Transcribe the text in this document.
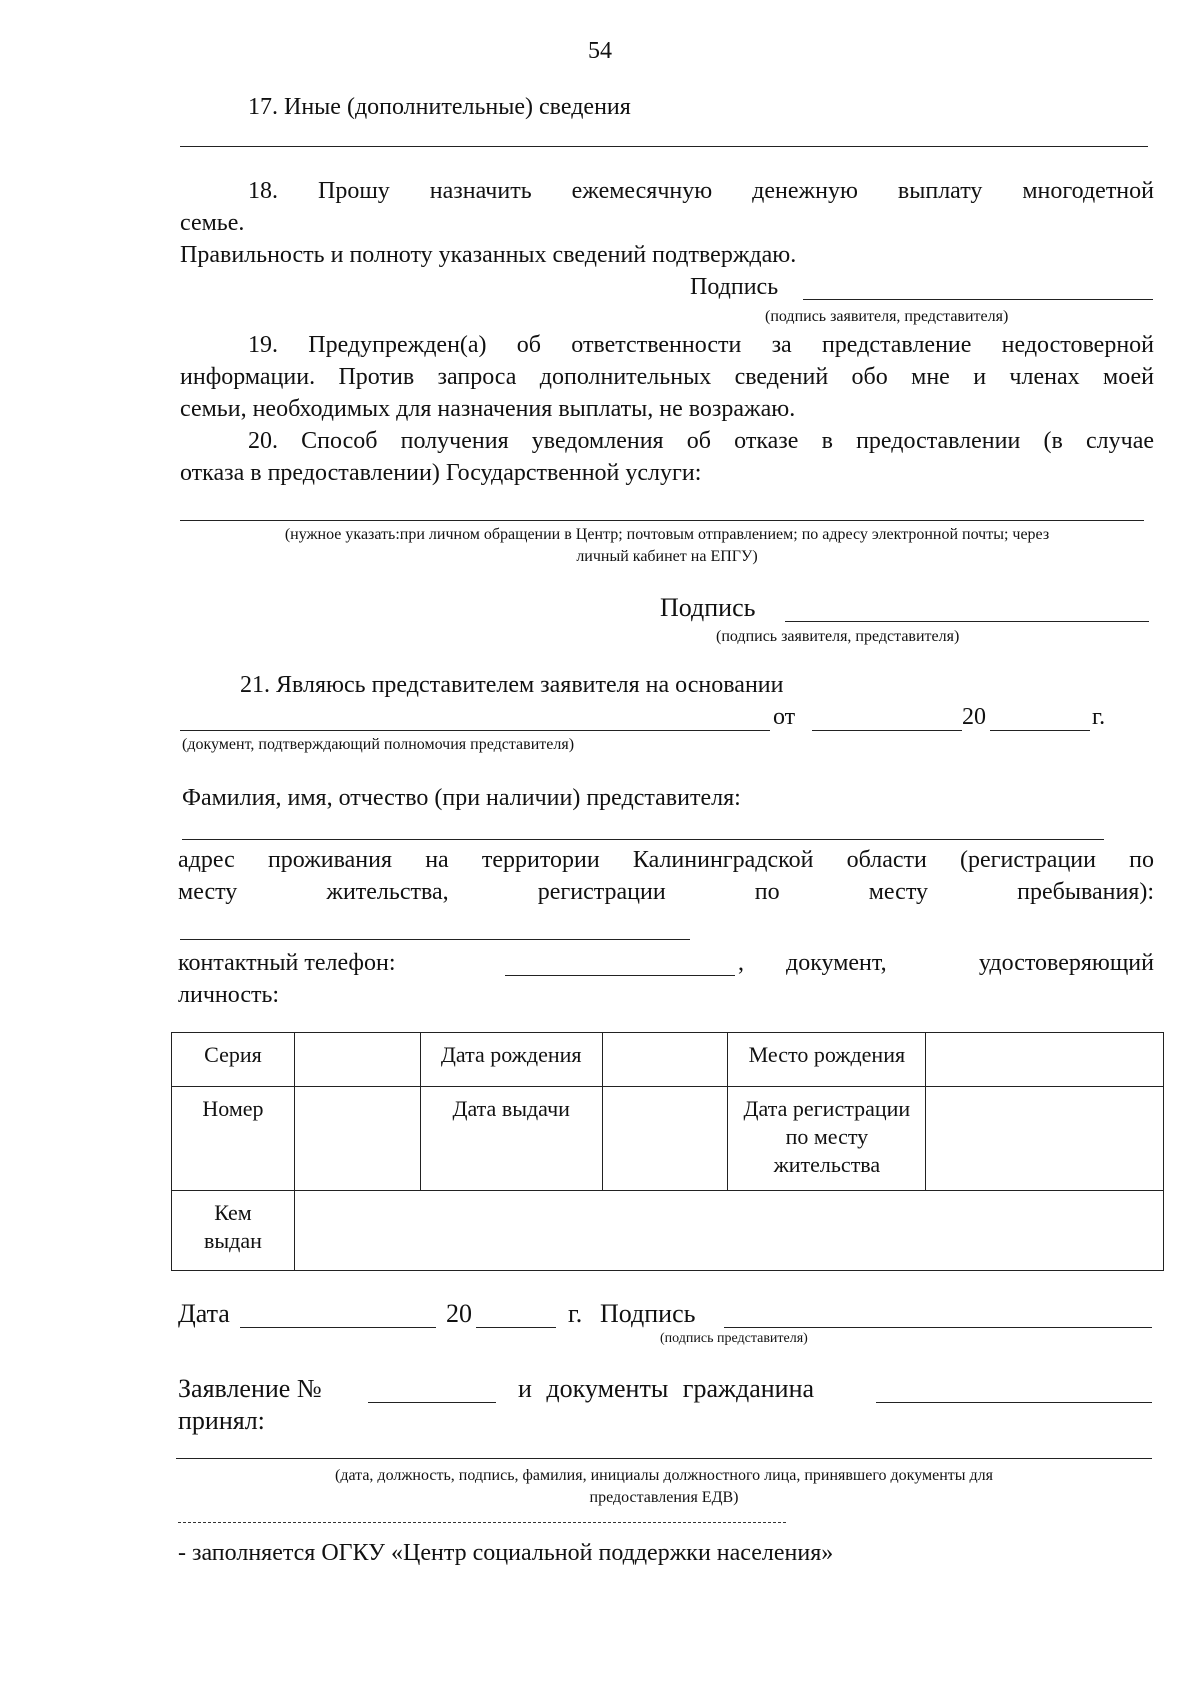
54
17. Иные (дополнительные) сведения
18. Прошу назначить ежемесячную денежную выплату многодетной
семье.
Правильность и полноту указанных сведений подтверждаю.
Подпись
(подпись заявителя, представителя)
19. Предупрежден(а) об ответственности за представление недостоверной
информации. Против запроса дополнительных сведений обо мне и членах моей
семьи, необходимых для назначения выплаты, не возражаю.
20. Способ получения уведомления об отказе в предоставлении (в случае
отказа в предоставлении) Государственной услуги:
(нужное указать:при личном обращении в Центр; почтовым отправлением; по адресу электронной почты; через
личный кабинет на ЕПГУ)
Подпись
(подпись заявителя, представителя)
21. Являюсь представителем заявителя на основании
от	20	г.
(документ, подтверждающий полномочия представителя)
Фамилия, имя, отчество (при наличии) представителя:
адрес проживания на территории Калининградской области (регистрации по
месту жительства, регистрации по месту пребывания):
контактный телефон:	, документ, удостоверяющий
личность:
Серия		Дата рождения		Место рождения	
Номер		Дата выдачи		Дата регистрации по месту жительства	
Кем выдан					
Дата	20	г. Подпись
(подпись представителя)
Заявление №	и документы гражданина
принял:
(дата, должность, подпись, фамилия, инициалы должностного лица, принявшего документы для
предоставления ЕДВ)
- заполняется ОГКУ «Центр социальной поддержки населения»
